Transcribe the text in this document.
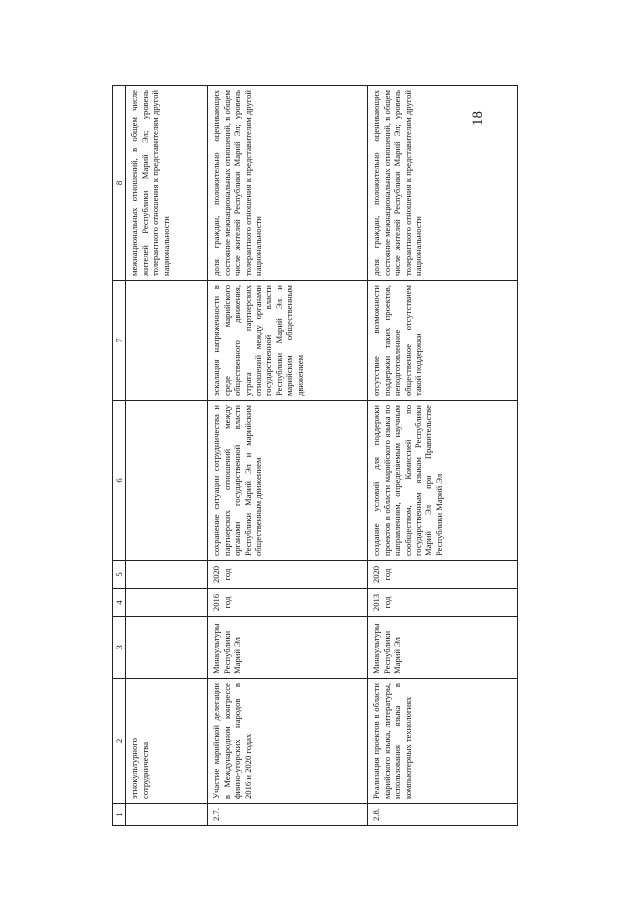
1	2	3	4	5	6	7	8
	этнокультурного сотрудничества						межнациональных отношений, в общем числе жителей Республики Марий Эл; уровень толерантного отношения к представителям другой национальности
2.7.	Участие марийской делегации в Международном конгрессе финно-угорских народов в 2016 и 2020 годах	Минкультуры Республики Марий Эл	2016 год	2020 год	сохранение ситуации сотрудничества и партнерских отношений между органами государственной власти Республики Марий Эл и марийским общественным движением	эскалация напряженности в среде марийского общественного движения, утрата партнерских отношений между органами государственной власти Республики Марий Эл и марийским общественным движением	доля граждан, положительно оценивающих состояние межнациональных отношений, в общем числе жителей Республики Марий Эл; уровень толерантного отношения к представителям другой национальности
2.8.	Реализация проектов в области марийского языка, литературы, использования языка в компьютерных технологиях	Минкультуры Республики Марий Эл	2013 год	2020 год	создание условий для поддержки проектов в области марийского языка по направлениям, определяемым научным сообществом, Комиссией по государственным языкам Республики Марий Эл при Правительстве Республики Марий Эл	отсутствие возможности поддержки таких проектов, неподготовленное общественное отсутствием такой поддержки	доля граждан, положительно оценивающих состояние межнациональных отношений, в общем числе жителей Республики Марий Эл; уровень толерантного отношения к представителям другой национальности
18
